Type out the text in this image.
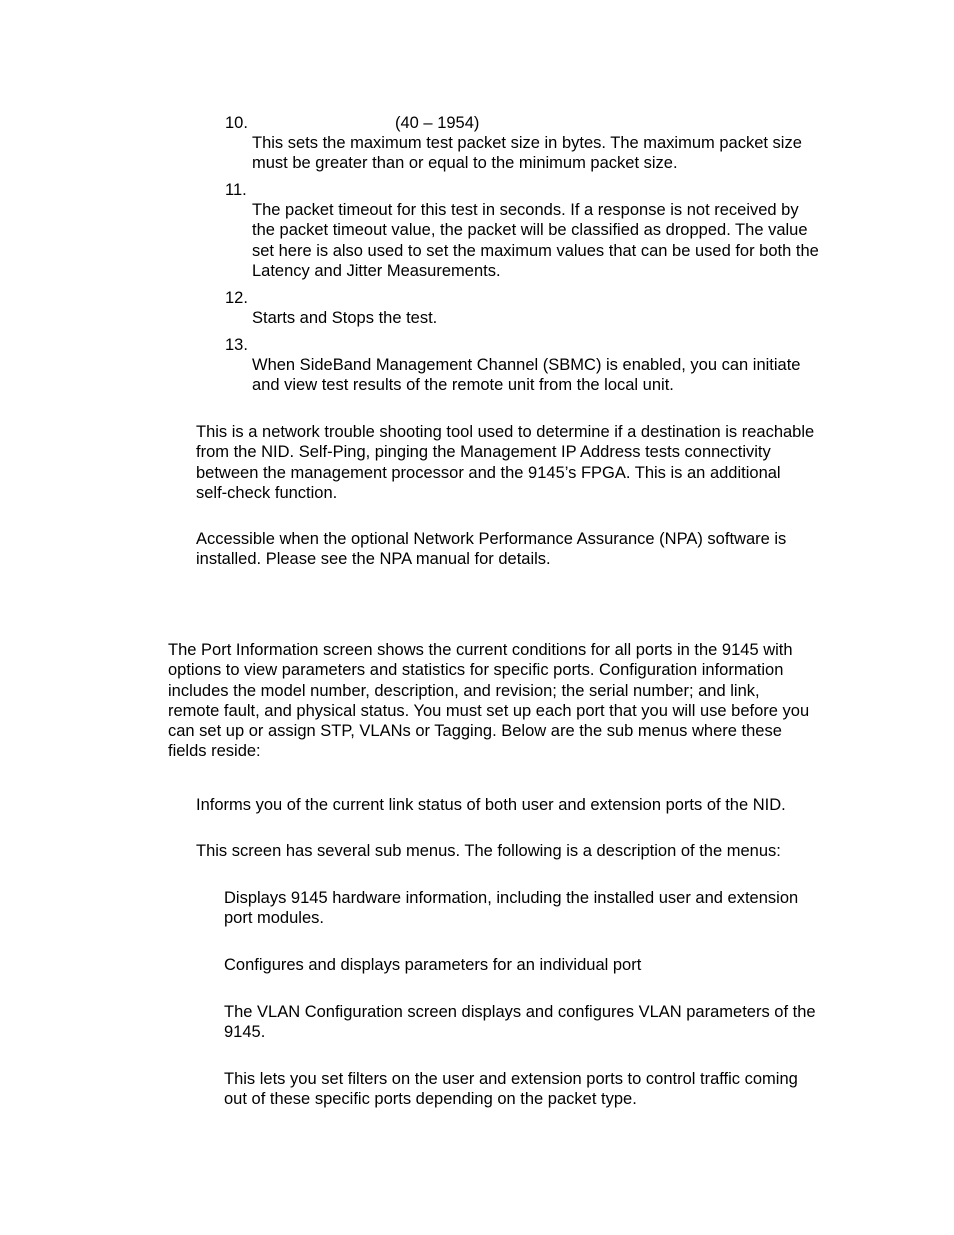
10.	(40 – 1954)

This sets the maximum test packet size in bytes. The maximum packet size
must be greater than or equal to the minimum packet size.

11.

The packet timeout for this test in seconds. If a response is not received by
the packet timeout value, the packet will be classified as dropped. The value
set here is also used to set the maximum values that can be used for both the
Latency and Jitter Measurements.

12.

Starts and Stops the test.

13.

When SideBand Management Channel (SBMC) is enabled, you can initiate
and view test results of the remote unit from the local unit.

This is a network trouble shooting tool used to determine if a destination is reachable
from the NID. Self-Ping, pinging the Management IP Address tests connectivity
between the management processor and the 9145’s FPGA. This is an additional
self-check function.

Accessible when the optional Network Performance Assurance (NPA) software is
installed. Please see the NPA manual for details.

The Port Information screen shows the current conditions for all ports in the 9145 with
options to view parameters and statistics for specific ports. Configuration information
includes the model number, description, and revision; the serial number; and link,
remote fault, and physical status. You must set up each port that you will use before you
can set up or assign STP, VLANs or Tagging. Below are the sub menus where these
fields reside:

Informs you of the current link status of both user and extension ports of the NID.

This screen has several sub menus. The following is a description of the menus:

Displays 9145 hardware information, including the installed user and extension
port modules.

Configures and displays parameters for an individual port

The VLAN Configuration screen displays and configures VLAN parameters of the
9145.

This lets you set filters on the user and extension ports to control traffic coming
out of these specific ports depending on the packet type.
